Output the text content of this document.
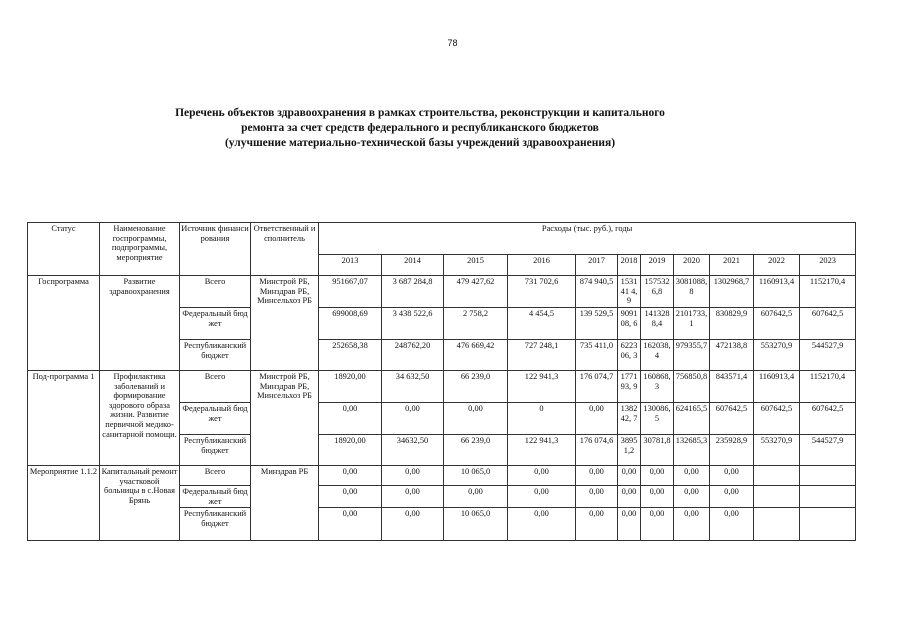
78
Перечень объектов здравоохранения в рамках строительства, реконструкции и капитального
ремонта за счет средств федерального и республиканского бюджетов
(улучшение материально-технической базы учреждений здравоохранения)
Статус	Наименование госпрограммы, подпрограммы, мероприятие	Источник финансирования	Ответственный исполнитель	Расходы (тыс. руб.), годы										
				2013	2014	2015	2016	2017	2018	2019	2020	2021	2022	2023
Госпрограмма	Развитие здравоохранения	Всего	Минстрой РБ, Минздрав РБ, Минсельхоз РБ	951667,07	3 687 284,8	479 427,62	731 702,6	874 940,5	153141 4,9	1575326,8	3081088,8	1302968,7	1160913,4	1152170,4
		Федеральный бюджет		699008,69	3 438 522,6	2 758,2	4 454,5	139 529,5	909108, 6	1413288,4	2101733,1	830829,9	607642,5	607642,5
		Республиканский бюджет		252658,38	248762,20	476 669,42	727 248,1	735 411,0	622306, 3	162038,4	979355,7	472138,8	553270,9	544527,9
Под-программа 1	Профилактика заболеваний и формирование здорового образа жизни. Развитие первичной медико-санитарной помощи.	Всего	Минстрой РБ, Минздрав РБ, Минсельхоз РБ	18920,00	34 632,50	66 239,0	122 941,3	176 074,7	177193, 9	160868,3	756850,8	843571,4	1160913,4	1152170,4
		Федеральный бюджет		0,00	0,00	0,00	0	0,00	138242, 7	130086,5	624165,5	607642,5	607642,5	607642,5
		Республиканский бюджет		18920,00	34632,50	66 239,0	122 941,3	176 074,6	3895 1,2	30781,8	132685,3	235928,9	553270,9	544527,9
Мероприятие 1.1.2	Капитальный ремонт участковой больницы в с.Новая Брянь	Всего	Минздрав РБ	0,00	0,00	10 065,0	0,00	0,00	0,00	0,00	0,00	0,00		
		Федеральный бюджет		0,00	0,00	0,00	0,00	0,00	0,00	0,00	0,00	0,00		
		Республиканский бюджет		0,00	0,00	10 065,0	0,00	0,00	0,00	0,00	0,00	0,00		
